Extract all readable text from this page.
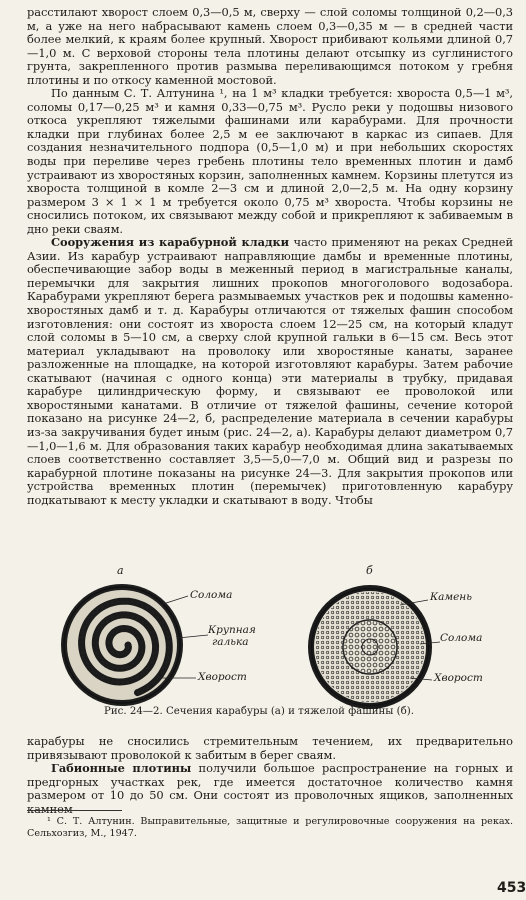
расстилают хворост слоем 0,3—0,5 м, сверху — слой соломы толщиной 0,2—0,3 м, а уже на него набрасывают камень слоем 0,3—0,35 м — в средней части более мелкий, к краям более крупный. Хворост прибивают кольями длиной 0,7—1,0 м. С верховой стороны тела плотины делают отсыпку из суглинистого грунта, закрепленного против размыва переливающимся потоком у гребня плотины и по откосу каменной мостовой.

По данным С. Т. Алтунина ¹, на 1 м³ кладки требуется: хвороста 0,5—1 м³, соломы 0,17—0,25 м³ и камня 0,33—0,75 м³. Русло реки у подошвы низового откоса укрепляют тяжелыми фашинами или карабурами. Для прочности кладки при глубинах более 2,5 м ее заключают в каркас из сипаев. Для создания незначительного подпора (0,5—1,0 м) и при небольших скоростях воды при переливе через гребень плотины тело временных плотин и дамб устраивают из хворостяных корзин, заполненных камнем. Корзины плетутся из хвороста толщиной в комле 2—3 см и длиной 2,0—2,5 м. На одну корзину размером 3 × 1 × 1 м требуется около 0,75 м³ хвороста. Чтобы корзины не сносились потоком, их связывают между собой и прикрепляют к забиваемым в дно реки сваям.

Сооружения из карабурной кладки часто применяют на реках Средней Азии. Из карабур устраивают направляющие дамбы и временные плотины, обеспечивающие забор воды в меженный период в магистральные каналы, перемычки для закрытия лишних прокопов многоголового водозабора. Карабурами укрепляют берега размываемых участков рек и подошвы каменно-хворостяных дамб и т. д. Карабуры отличаются от тяжелых фашин способом изготовления: они состоят из хвороста слоем 12—25 см, на который кладут слой соломы в 5—10 см, а сверху слой крупной гальки в 6—15 см. Весь этот материал укладывают на проволоку или хворостяные канаты, заранее разложенные на площадке, на которой изготовляют карабуры. Затем рабочие скатывают (начиная с одного конца) эти материалы в трубку, придавая карабуре цилиндрическую форму, и связывают ее проволокой или хворостяными канатами. В отличие от тяжелой фашины, сечение которой показано на рисунке 24—2, б, распределение материала в сечении карабуры из-за закручивания будет иным (рис. 24—2, а). Карабуры делают диаметром 0,7—1,0—1,6 м. Для образования таких карабур необходимая длина закатываемых слоев соответственно составляет 3,5—5,0—7,0 м. Общий вид и разрезы по карабурной плотине показаны на рисунке 24—3. Для закрытия прокопов или устройства временных плотин (перемычек) приготовленную карабуру подкатывают к месту укладки и скатывают в воду. Чтобы

а	б
Солома
Крупная
галька
Хворост
Камень
Солома
Хворост
Рис. 24—2. Сечения карабуры (а) и тяжелой фашины (б).

карабуры не сносились стремительным течением, их предварительно привязывают проволокой к забитым в берег сваям.

Габионные плотины получили большое распространение на горных и предгорных участках рек, где имеется достаточное количество камня размером от 10 до 50 см. Они состоят из проволочных ящиков, заполненных камнем

¹ С. Т. Алтунин. Выправительные, защитные и регулировочные сооружения на реках. Сельхозгиз, М., 1947.

453
